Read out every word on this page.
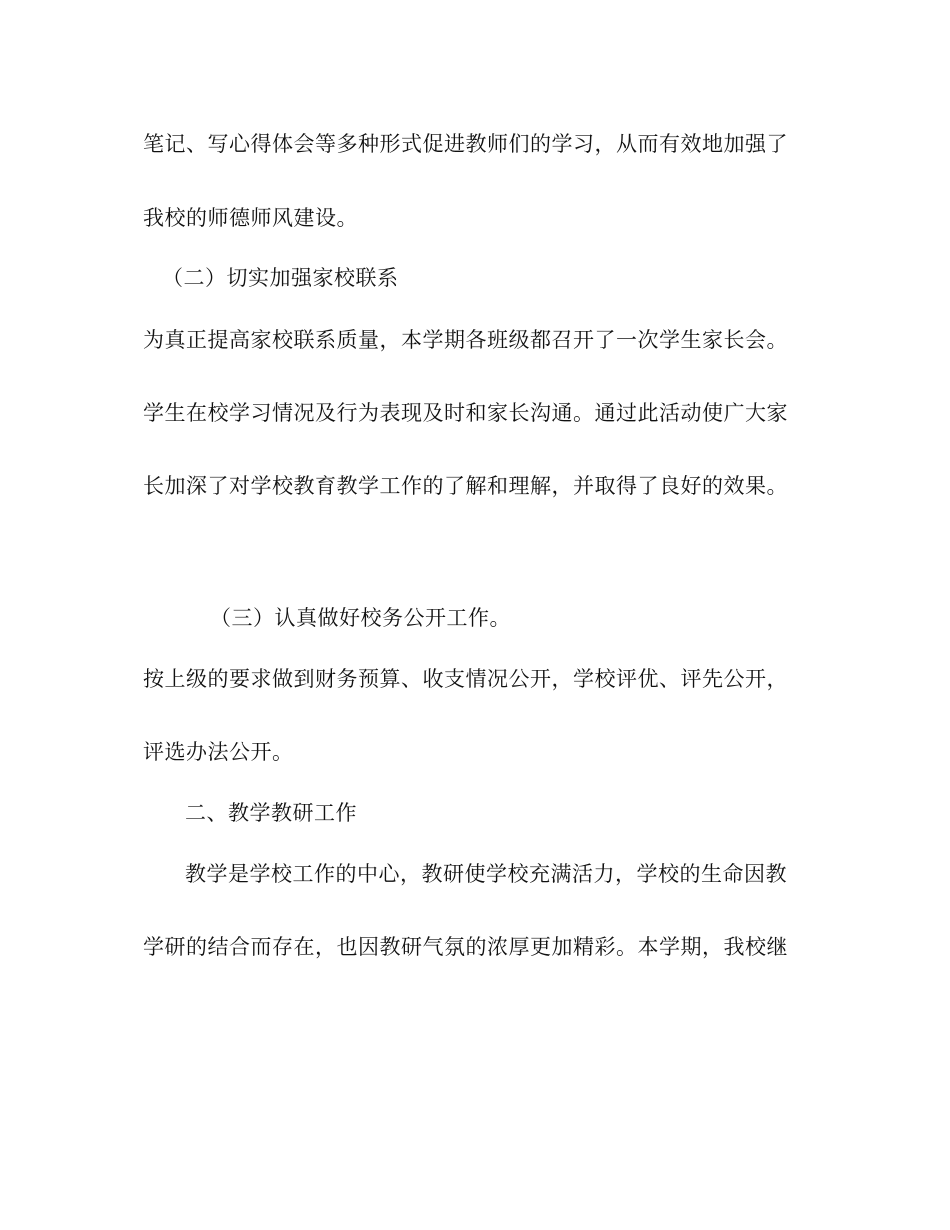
笔记、写心得体会等多种形式促进教师们的学习，从而有效地加强了
我校的师德师风建设。
（二）切实加强家校联系
为真正提高家校联系质量，本学期各班级都召开了一次学生家长会。
学生在校学习情况及行为表现及时和家长沟通。通过此活动使广大家
长加深了对学校教育教学工作的了解和理解，并取得了良好的效果。
（三）认真做好校务公开工作。
按上级的要求做到财务预算、收支情况公开，学校评优、评先公开，
评选办法公开。
二、教学教研工作
教学是学校工作的中心，教研使学校充满活力，学校的生命因教
学研的结合而存在，也因教研气氛的浓厚更加精彩。本学期，我校继
